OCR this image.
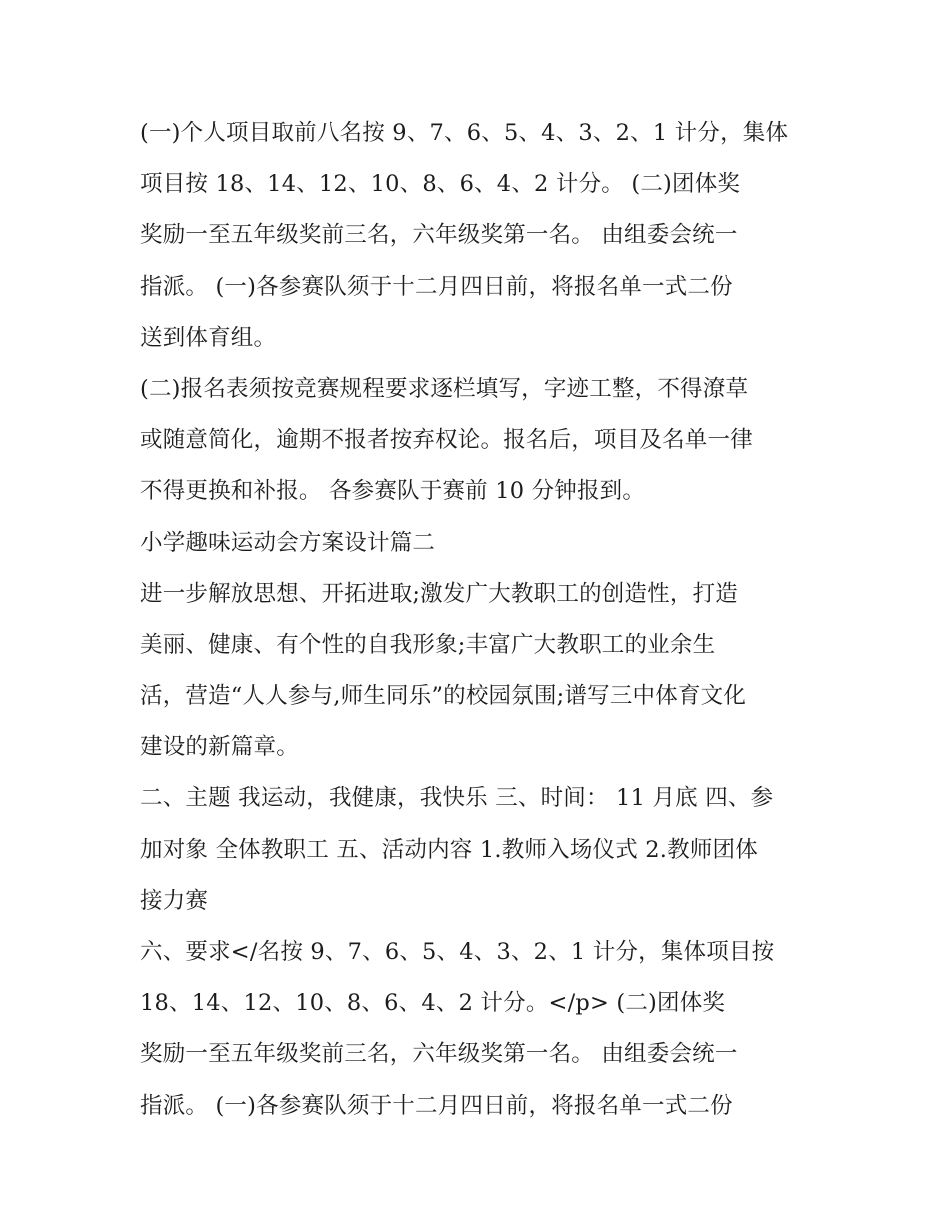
(一)个人项目取前八名按 9、7、6、5、4、3、2、1 计分，集体
项目按 18、14、12、10、8、6、4、2 计分。 (二)团体奖
奖励一至五年级奖前三名，六年级奖第一名。 由组委会统一
指派。 (一)各参赛队须于十二月四日前，将报名单一式二份
送到体育组。
(二)报名表须按竞赛规程要求逐栏填写，字迹工整，不得潦草
或随意简化，逾期不报者按弃权论。报名后，项目及名单一律
不得更换和补报。 各参赛队于赛前 10 分钟报到。
小学趣味运动会方案设计篇二
进一步解放思想、开拓进取;激发广大教职工的创造性，打造
美丽、健康、有个性的自我形象;丰富广大教职工的业余生
活，营造“人人参与,师生同乐”的校园氛围;谱写三中体育文化
建设的新篇章。
二、主题 我运动，我健康，我快乐 三、时间： 11 月底 四、参
加对象 全体教职工 五、活动内容 1.教师入场仪式 2.教师团体
接力赛
六、要求</名按 9、7、6、5、4、3、2、1 计分，集体项目按
18、14、12、10、8、6、4、2 计分。</p> (二)团体奖
奖励一至五年级奖前三名，六年级奖第一名。 由组委会统一
指派。 (一)各参赛队须于十二月四日前，将报名单一式二份
